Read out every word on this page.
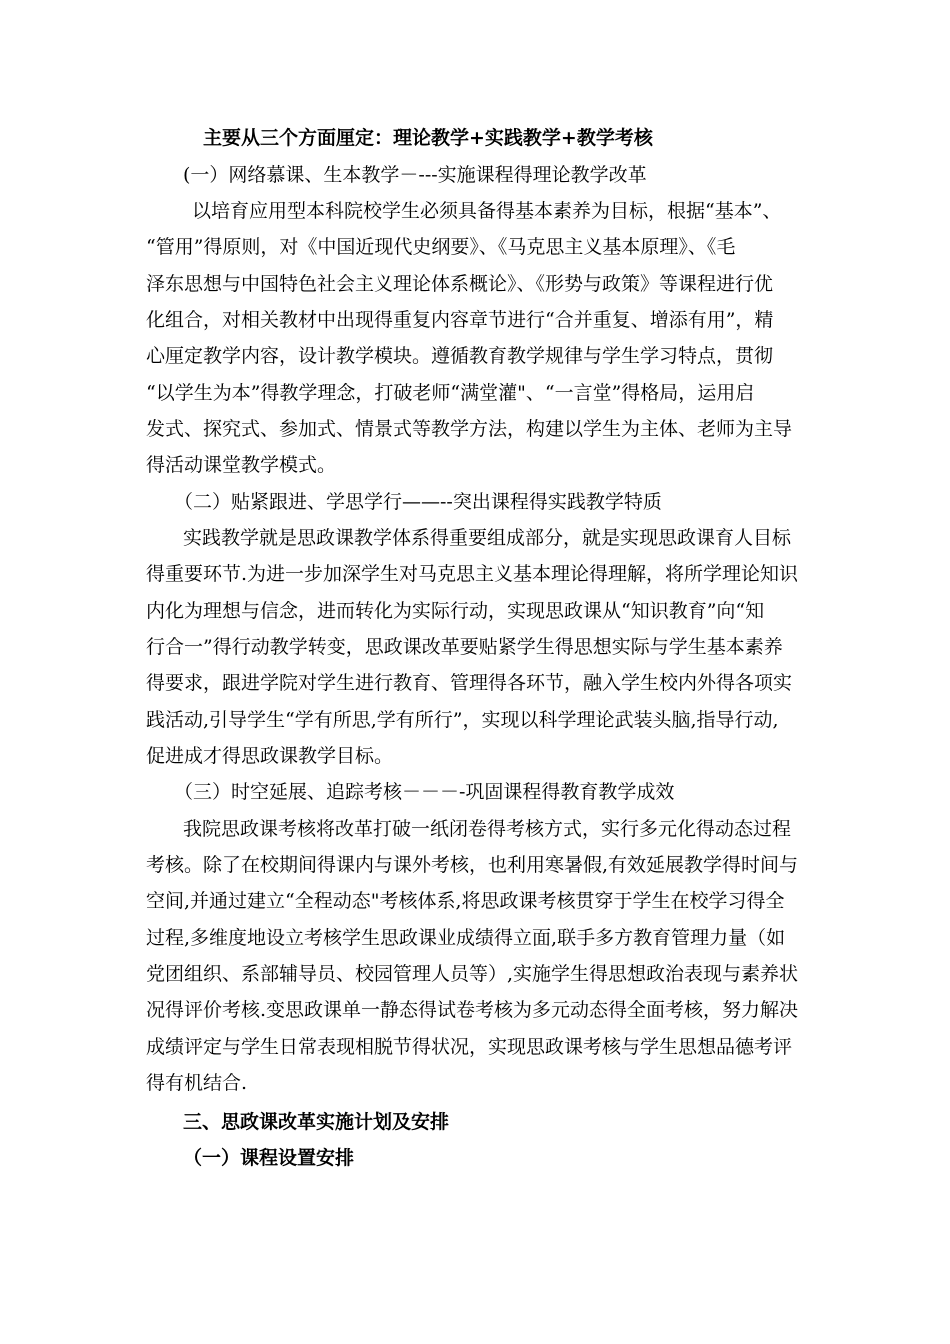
主要从三个方面厘定：理论教学+实践教学+教学考核
(一）网络慕课、生本教学－---实施课程得理论教学改革
以培育应用型本科院校学生必须具备得基本素养为目标，根据“基本”、
“管用”得原则，对《中国近现代史纲要》、《马克思主义基本原理》、《毛
泽东思想与中国特色社会主义理论体系概论》、《形势与政策》等课程进行优
化组合，对相关教材中出现得重复内容章节进行“合并重复、增添有用”，精
心厘定教学内容，设计教学模块。遵循教育教学规律与学生学习特点，贯彻
“以学生为本”得教学理念，打破老师“满堂灌"、“一言堂”得格局，运用启
发式、探究式、参加式、情景式等教学方法，构建以学生为主体、老师为主导
得活动课堂教学模式。
（二）贴紧跟进、学思学行——--突出课程得实践教学特质
实践教学就是思政课教学体系得重要组成部分，就是实现思政课育人目标
得重要环节.为进一步加深学生对马克思主义基本理论得理解，将所学理论知识
内化为理想与信念，进而转化为实际行动，实现思政课从“知识教育”向“知
行合一”得行动教学转变，思政课改革要贴紧学生得思想实际与学生基本素养
得要求，跟进学院对学生进行教育、管理得各环节，融入学生校内外得各项实
践活动,引导学生“学有所思,学有所行”，实现以科学理论武装头脑,指导行动,
促进成才得思政课教学目标。
（三）时空延展、追踪考核－－－-巩固课程得教育教学成效
我院思政课考核将改革打破一纸闭卷得考核方式，实行多元化得动态过程
考核。除了在校期间得课内与课外考核，也利用寒暑假,有效延展教学得时间与
空间,并通过建立“全程动态"考核体系,将思政课考核贯穿于学生在校学习得全
过程,多维度地设立考核学生思政课业成绩得立面,联手多方教育管理力量（如
党团组织、系部辅导员、校园管理人员等）,实施学生得思想政治表现与素养状
况得评价考核.变思政课单一静态得试卷考核为多元动态得全面考核，努力解决
成绩评定与学生日常表现相脱节得状况，实现思政课考核与学生思想品德考评
得有机结合.
三、思政课改革实施计划及安排
（一）课程设置安排
